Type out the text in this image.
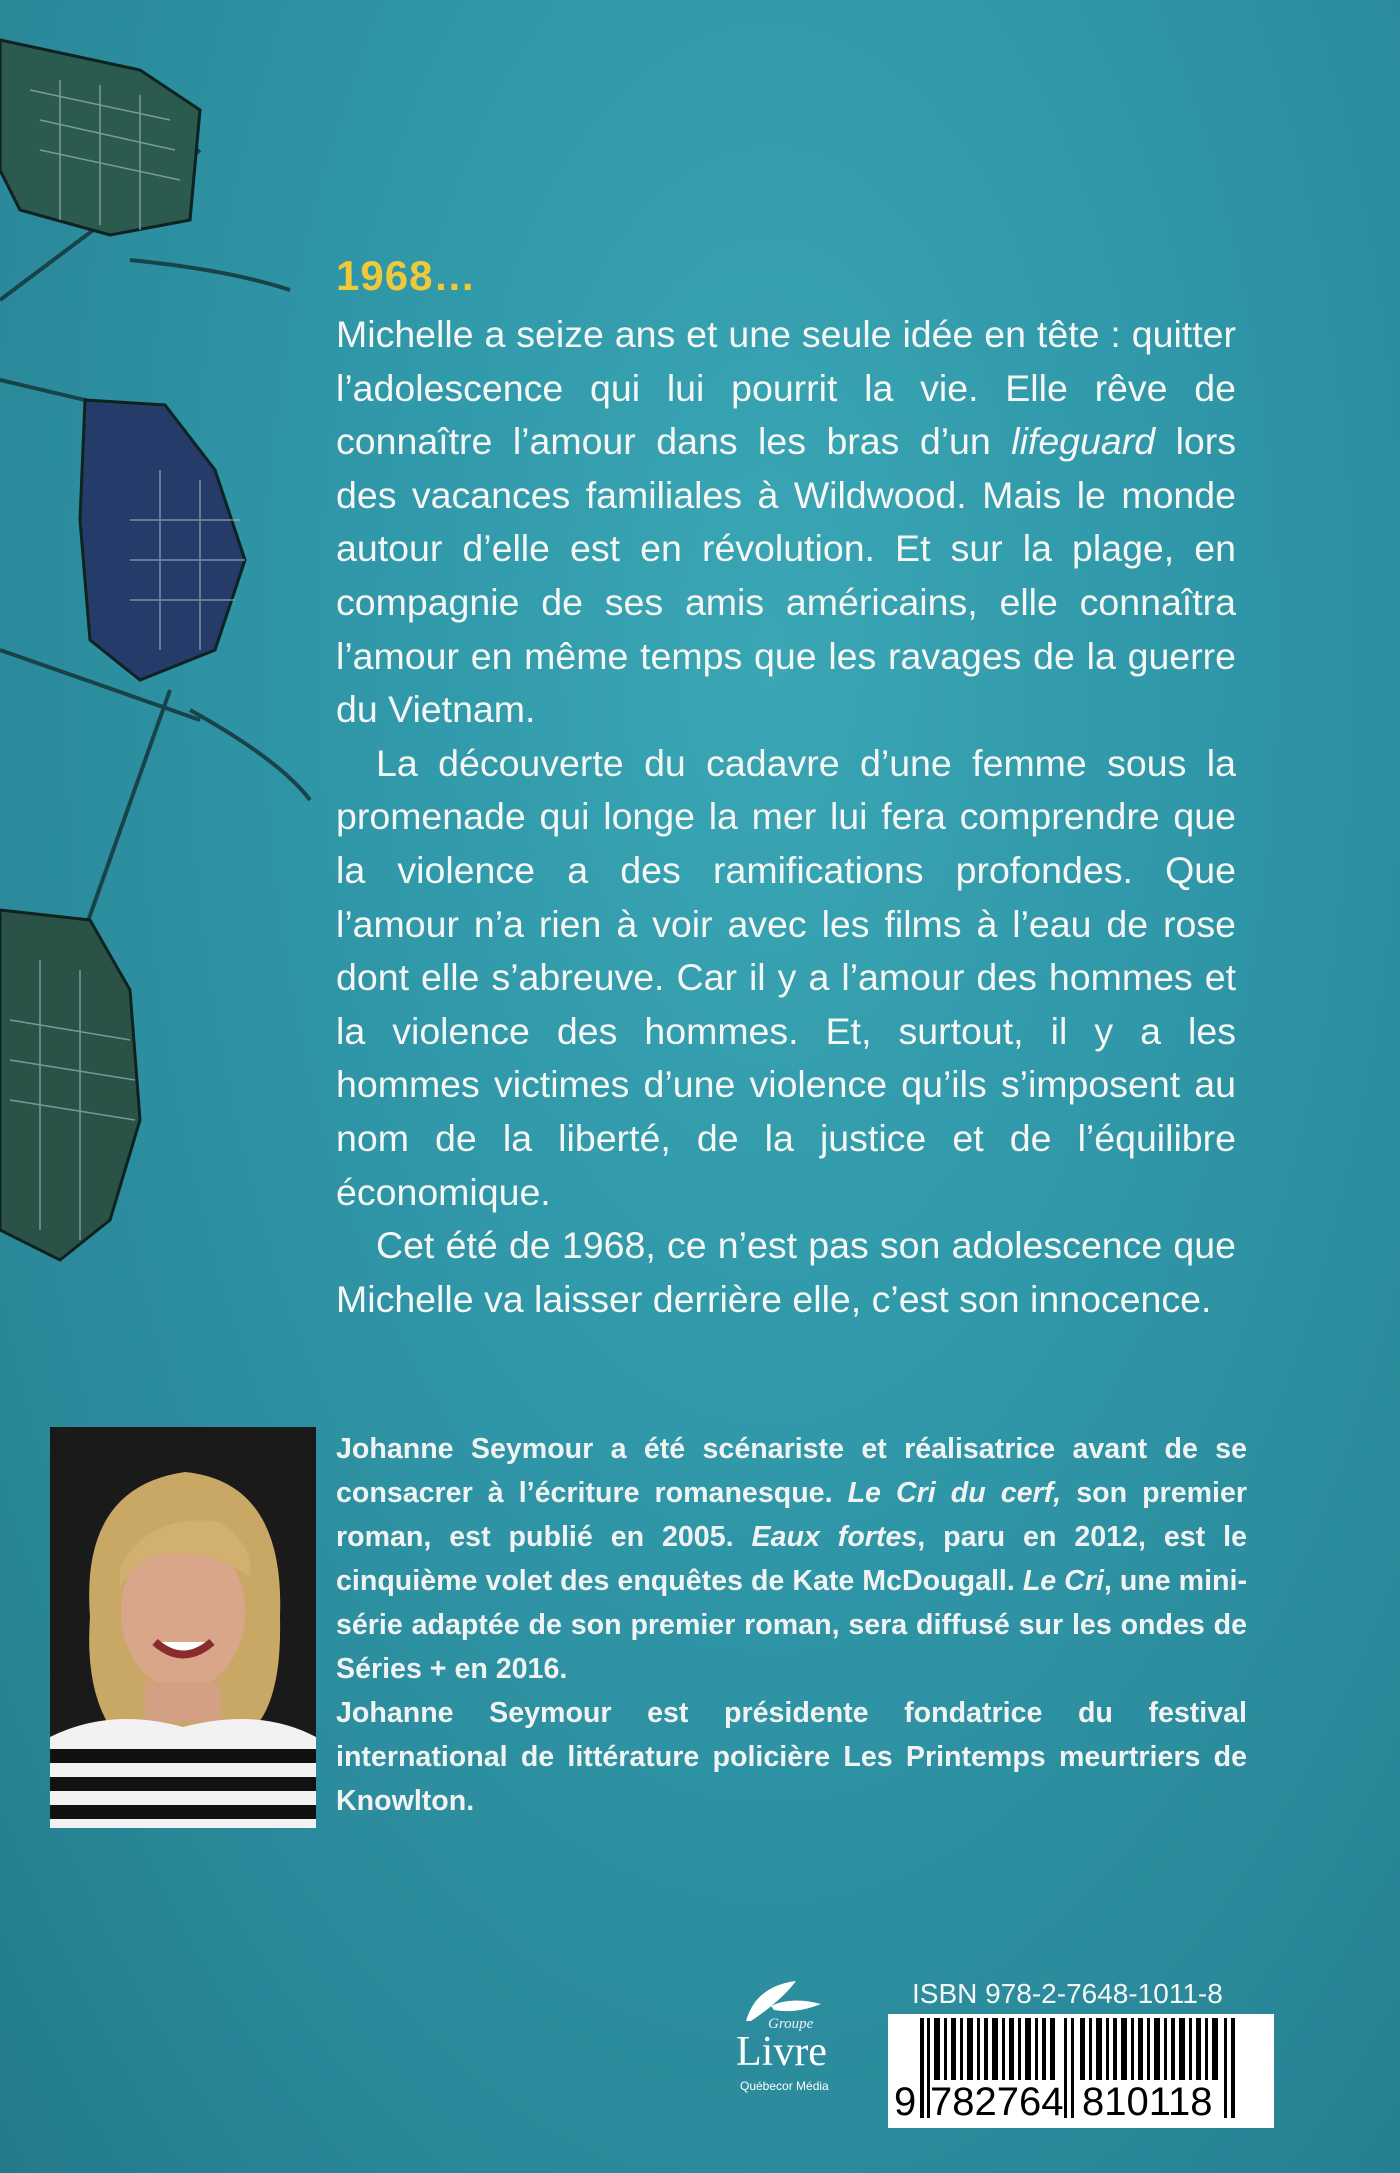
1968…

Michelle a seize ans et une seule idée en tête : quitter l’adolescence qui lui pourrit la vie. Elle rêve de connaître l’amour dans les bras d’un lifeguard lors des vacances familiales à Wildwood. Mais le monde autour d’elle est en révolution. Et sur la plage, en compagnie de ses amis américains, elle connaîtra l’amour en même temps que les ravages de la guerre du Vietnam.

La découverte du cadavre d’une femme sous la promenade qui longe la mer lui fera comprendre que la violence a des ramifications profondes. Que l’amour n’a rien à voir avec les films à l’eau de rose dont elle s’abreuve. Car il y a l’amour des hommes et la violence des hommes. Et, surtout, il y a les hommes victimes d’une violence qu’ils s’imposent au nom de la liberté, de la justice et de l’équilibre économique.

Cet été de 1968, ce n’est pas son adolescence que Michelle va laisser derrière elle, c’est son innocence.

Johanne Seymour a été scénariste et réalisatrice avant de se consacrer à l’écriture romanesque. Le Cri du cerf, son premier roman, est publié en 2005. Eaux fortes, paru en 2012, est le cinquième volet des enquêtes de Kate McDougall. Le Cri, une mini-série adaptée de son premier roman, sera diffusé sur les ondes de Séries + en 2016.

Johanne Seymour est présidente fondatrice du festival international de littérature policière Les Printemps meurtriers de Knowlton.

Groupe
Livre
Québecor Média
ISBN 978-2-7648-1011-8
9 782764 810118
